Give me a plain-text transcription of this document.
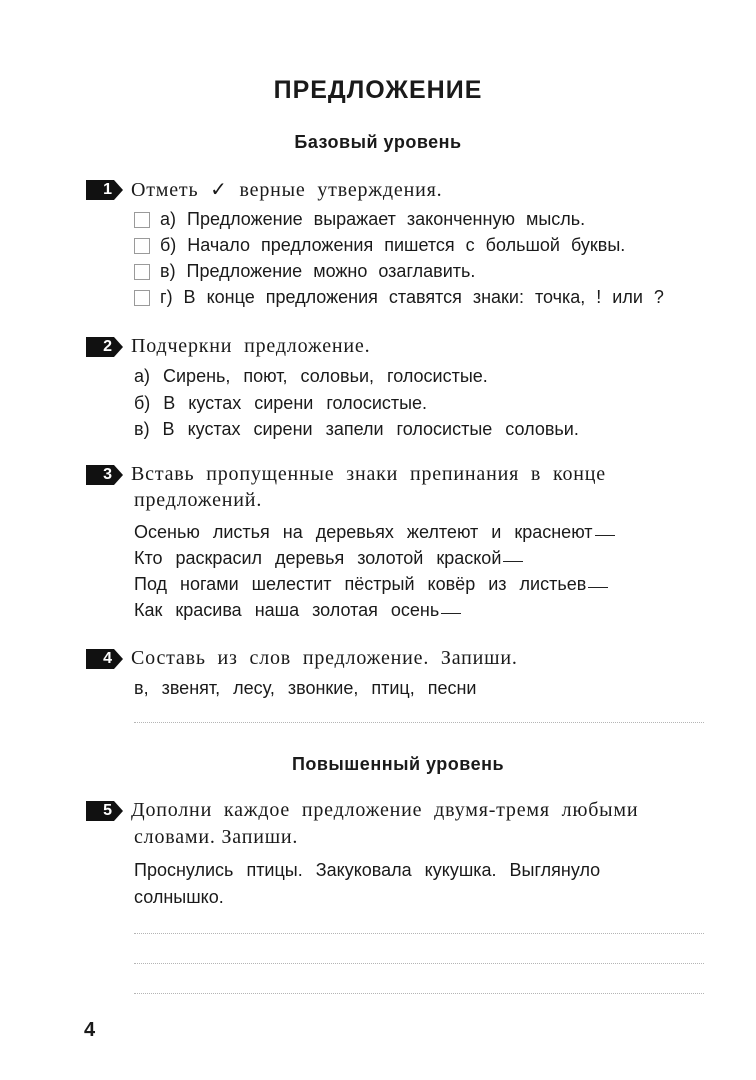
ПРЕДЛОЖЕНИЕ
Базовый уровень
1 Отметь ✓ верные утверждения.
а) Предложение выражает законченную мысль.
б) Начало предложения пишется с большой буквы.
в) Предложение можно озаглавить.
г) В конце предложения ставятся знаки: точка, ! или ?
2 Подчеркни предложение.
а) Сирень, поют, соловьи, голосистые.
б) В кустах сирени голосистые.
в) В кустах сирени запели голосистые соловьи.
3 Вставь пропущенные знаки препинания в конце
предложений.
Осенью листья на деревьях желтеют и краснеют
Кто раскрасил деревья золотой краской
Под ногами шелестит пёстрый ковёр из листьев
Как красива наша золотая осень
4 Составь из слов предложение. Запиши.
в, звенят, лесу, звонкие, птиц, песни
Повышенный уровень
5 Дополни каждое предложение двумя-тремя любыми
словами. Запиши.
Проснулись птицы. Закуковала кукушка. Выглянуло
солнышко.
4
